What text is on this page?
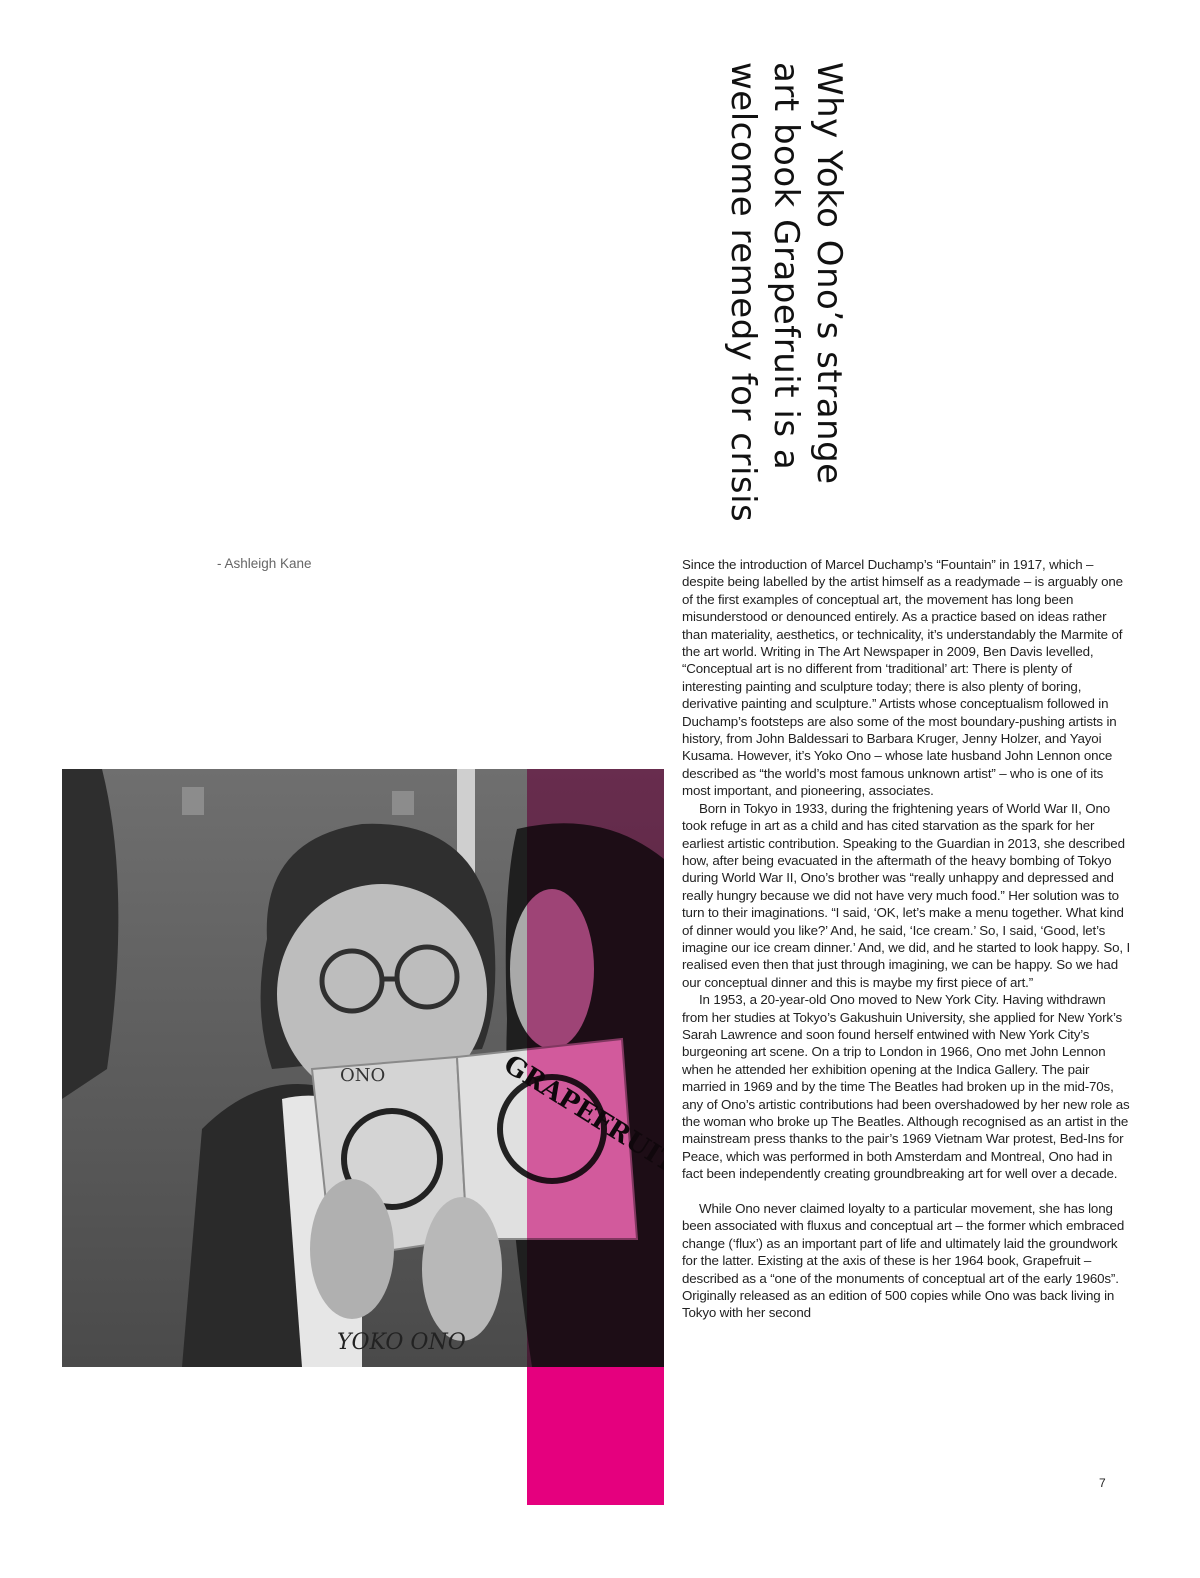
Why Yoko Ono’s strange art book Grapefruit is a welcome remedy for crisis
- Ashleigh Kane	Since the introduction of Marcel Duchamp’s “Fountain” in 1917, which – despite being labelled by the artist himself as a readymade – is arguably one of the first examples of conceptual art, the movement has long been misunderstood or denounced entirely. As a practice based on ideas rather than materiality, aesthetics, or technicality, it’s understandably the Marmite of the art world. Writing in The Art Newspaper in 2009, Ben Davis levelled, “Conceptual art is no different from ‘traditional’ art: There is plenty of interesting painting and sculpture today; there is also plenty of boring, derivative painting and sculpture.” Artists whose conceptualism followed in Duchamp’s footsteps are also some of the most boundary-pushing artists in history, from John Baldessari to Barbara Kruger, Jenny Holzer, and Yayoi Kusama. However, it’s Yoko Ono – whose late husband John Lennon once described as “the world’s most famous unknown artist” – who is one of its most important, and pioneering, associates.

Born in Tokyo in 1933, during the frightening years of World War II, Ono took refuge in art as a child and has cited starvation as the spark for her earliest artistic contribution. Speaking to the Guardian in 2013, she described how, after being evacuated in the aftermath of the heavy bombing of Tokyo during World War II, Ono’s brother was “really unhappy and depressed and really hungry because we did not have very much food.” Her solution was to turn to their imaginations. “I said, ‘OK, let’s make a menu together. What kind of dinner would you like?’ And, he said, ‘Ice cream.’ So, I said, ‘Good, let’s imagine our ice cream dinner.’ And, we did, and he started to look happy. So, I realised even then that just through imagining, we can be happy. So we had our conceptual dinner and this is maybe my first piece of art.”

In 1953, a 20-year-old Ono moved to New York City. Having withdrawn from her studies at Tokyo’s Gakushuin University, she applied for New York’s Sarah Lawrence and soon found herself entwined with New York City’s burgeoning art scene. On a trip to London in 1966, Ono met John Lennon when he attended her exhibition opening at the Indica Gallery. The pair married in 1969 and by the time The Beatles had broken up in the mid-70s, any of Ono’s artistic contributions had been overshadowed by her new role as the woman who broke up The Beatles. Although recognised as an artist in the mainstream press thanks to the pair’s 1969 Vietnam War protest, Bed-Ins for Peace, which was performed in both Amsterdam and Montreal, Ono had in fact been independently creating groundbreaking art for well over a decade.

While Ono never claimed loyalty to a particular movement, she has long been associated with fluxus and conceptual art – the former which embraced change (‘flux’) as an important part of life and ultimately laid the groundwork for the latter. Existing at the axis of these is her 1964 book, Grapefruit – described as a “one of the monuments of conceptual art of the early 1960s”. Originally released as an edition of 500 copies while Ono was back living in Tokyo with her second

ONO
YOKO ONO
7
